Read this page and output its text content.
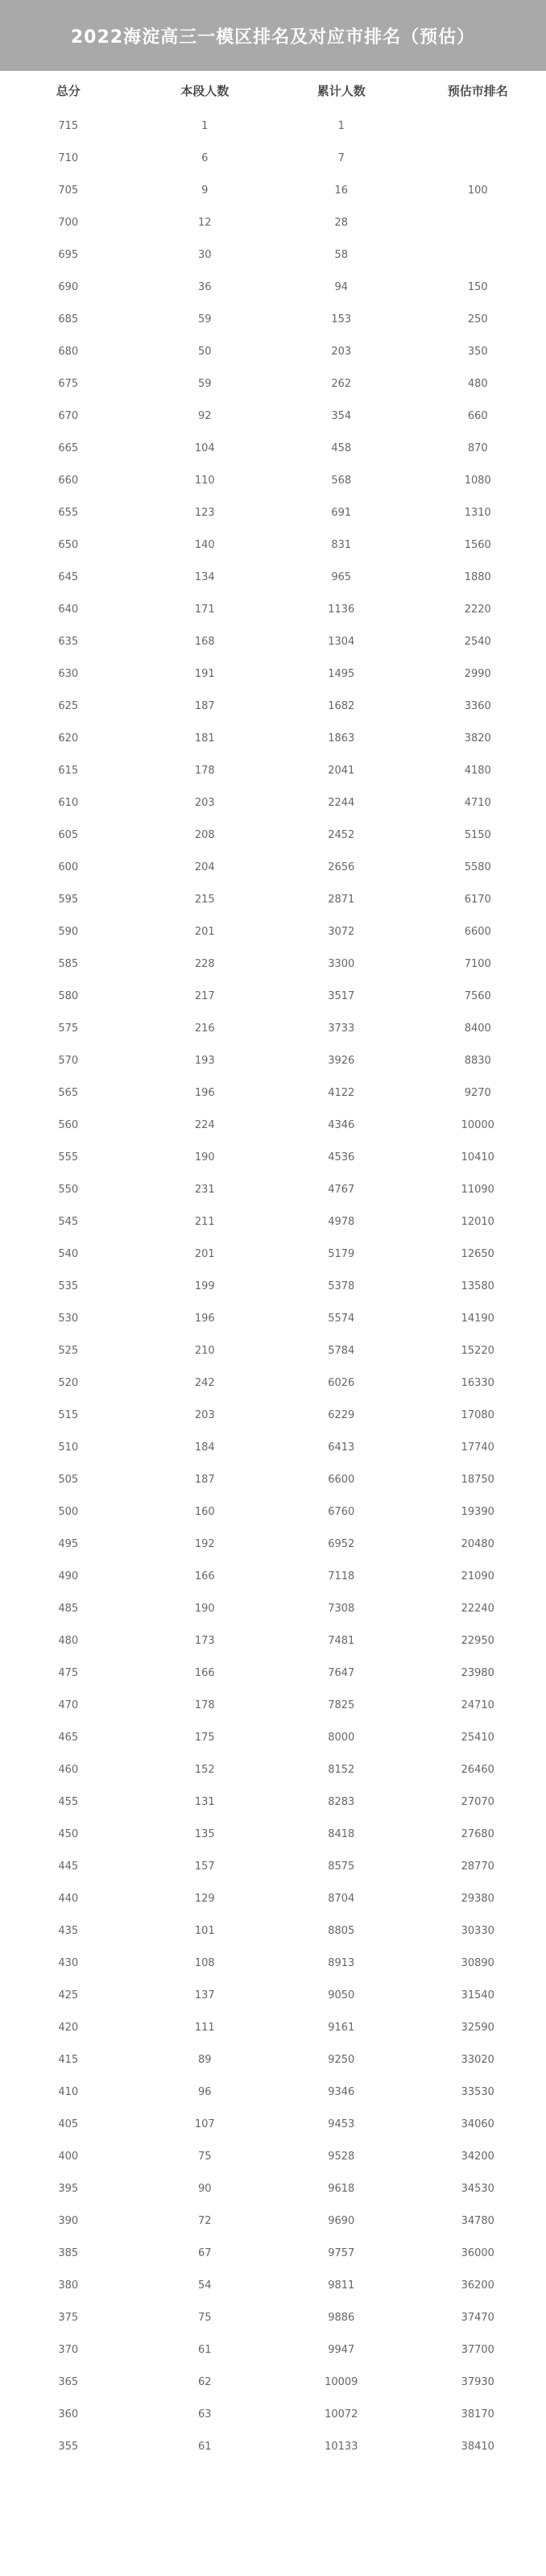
2022海淀高三一模区排名及对应市排名（预估）
总分	本段人数	累计人数	预估市排名
715	1	1
710	6	7
705	9	16	100
700	12	28
695	30	58
690	36	94	150
685	59	153	250
680	50	203	350
675	59	262	480
670	92	354	660
665	104	458	870
660	110	568	1080
655	123	691	1310
650	140	831	1560
645	134	965	1880
640	171	1136	2220
635	168	1304	2540
630	191	1495	2990
625	187	1682	3360
620	181	1863	3820
615	178	2041	4180
610	203	2244	4710
605	208	2452	5150
600	204	2656	5580
595	215	2871	6170
590	201	3072	6600
585	228	3300	7100
580	217	3517	7560
575	216	3733	8400
570	193	3926	8830
565	196	4122	9270
560	224	4346	10000
555	190	4536	10410
550	231	4767	11090
545	211	4978	12010
540	201	5179	12650
535	199	5378	13580
530	196	5574	14190
525	210	5784	15220
520	242	6026	16330
515	203	6229	17080
510	184	6413	17740
505	187	6600	18750
500	160	6760	19390
495	192	6952	20480
490	166	7118	21090
485	190	7308	22240
480	173	7481	22950
475	166	7647	23980
470	178	7825	24710
465	175	8000	25410
460	152	8152	26460
455	131	8283	27070
450	135	8418	27680
445	157	8575	28770
440	129	8704	29380
435	101	8805	30330
430	108	8913	30890
425	137	9050	31540
420	111	9161	32590
415	89	9250	33020
410	96	9346	33530
405	107	9453	34060
400	75	9528	34200
395	90	9618	34530
390	72	9690	34780
385	67	9757	36000
380	54	9811	36200
375	75	9886	37470
370	61	9947	37700
365	62	10009	37930
360	63	10072	38170
355	61	10133	38410
